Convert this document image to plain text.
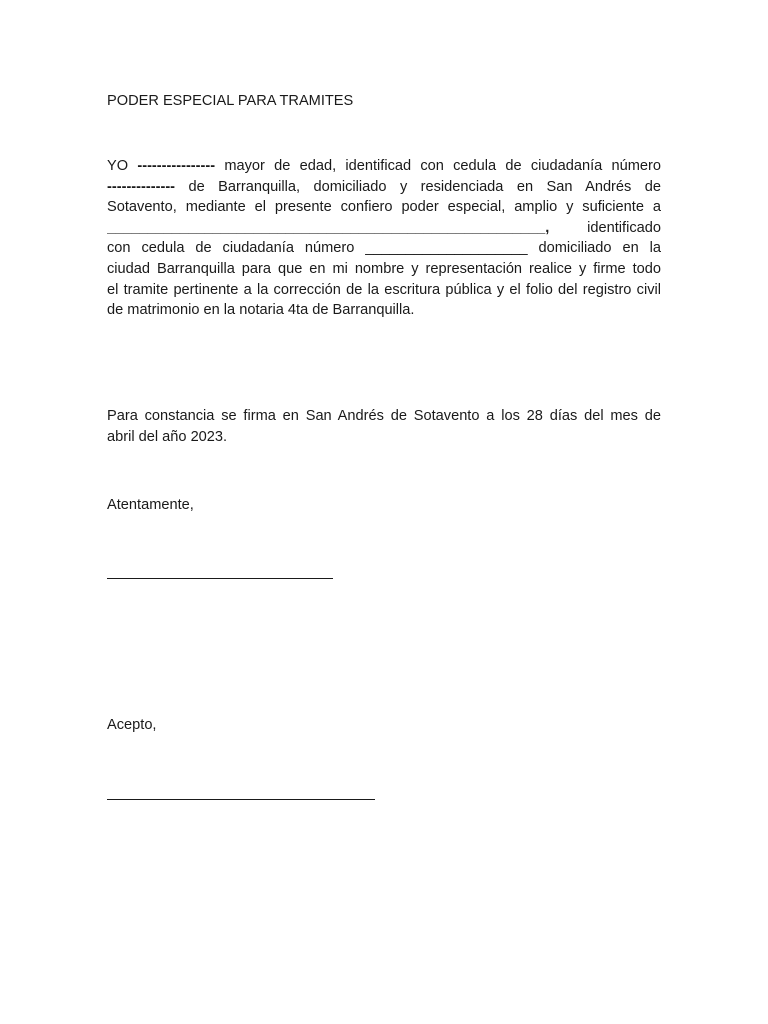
PODER ESPECIAL PARA TRAMITES
YO ---------------- mayor de edad, identificad con cedula de ciudadanía número
-------------- de Barranquilla, domiciliado y residenciada en San Andrés de
Sotavento, mediante el presente confiero poder especial, amplio y suficiente a
______________________________________________________,	identificado
con cedula de ciudadanía número ____________________ domiciliado en la
ciudad Barranquilla para que en mi nombre y representación realice y firme todo
el tramite pertinente a la corrección de la escritura pública y el folio del registro civil
de matrimonio en la notaria 4ta de Barranquilla.
Para constancia se firma en San Andrés de Sotavento a los 28 días del mes de
abril del año 2023.
Atentamente,
Acepto,
